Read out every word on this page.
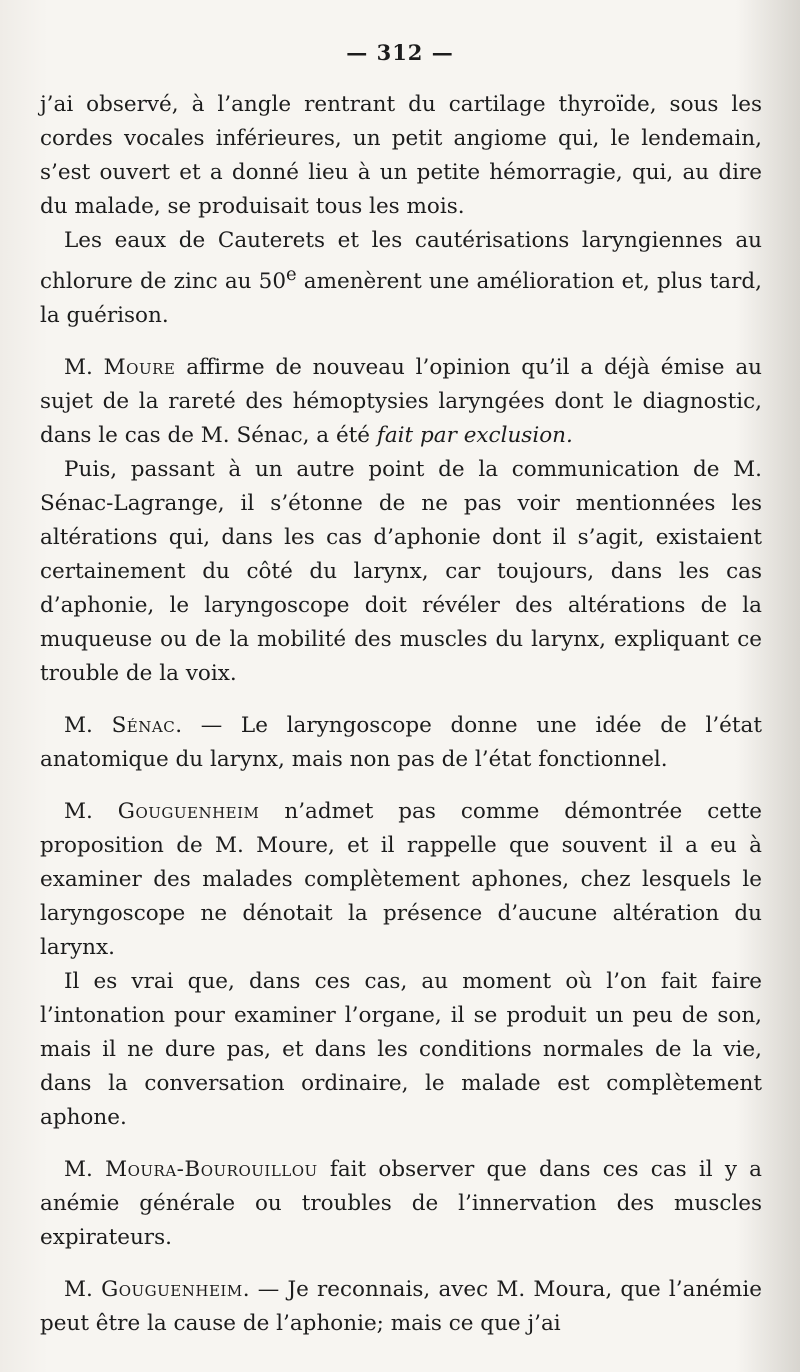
— 312 —

j’ai observé, à l’angle rentrant du cartilage thyroïde, sous les cordes vocales inférieures, un petit angiome qui, le lendemain, s’est ouvert et a donné lieu à un petite hémorragie, qui, au dire du malade, se produisait tous les mois.

Les eaux de Cauterets et les cautérisations laryngiennes au chlorure de zinc au 50e amenèrent une amélioration et, plus tard, la guérison.

M. Moure affirme de nouveau l’opinion qu’il a déjà émise au sujet de la rareté des hémoptysies laryngées dont le diagnostic, dans le cas de M. Sénac, a été fait par exclusion.

Puis, passant à un autre point de la communication de M. Sénac-Lagrange, il s’étonne de ne pas voir mentionnées les altérations qui, dans les cas d’aphonie dont il s’agit, existaient certainement du côté du larynx, car toujours, dans les cas d’aphonie, le laryngoscope doit révéler des altérations de la muqueuse ou de la mobilité des muscles du larynx, expliquant ce trouble de la voix.

M. Sénac. — Le laryngoscope donne une idée de l’état anatomique du larynx, mais non pas de l’état fonctionnel.

M. Gouguenheim n’admet pas comme démontrée cette proposition de M. Moure, et il rappelle que souvent il a eu à examiner des malades complètement aphones, chez lesquels le laryngoscope ne dénotait la présence d’aucune altération du larynx.

Il es vrai que, dans ces cas, au moment où l’on fait faire l’intonation pour examiner l’organe, il se produit un peu de son, mais il ne dure pas, et dans les conditions normales de la vie, dans la conversation ordinaire, le malade est complètement aphone.

M. Moura-Bourouillou fait observer que dans ces cas il y a anémie générale ou troubles de l’innervation des muscles expirateurs.

M. Gouguenheim. — Je reconnais, avec M. Moura, que l’anémie peut être la cause de l’aphonie; mais ce que j’ai
